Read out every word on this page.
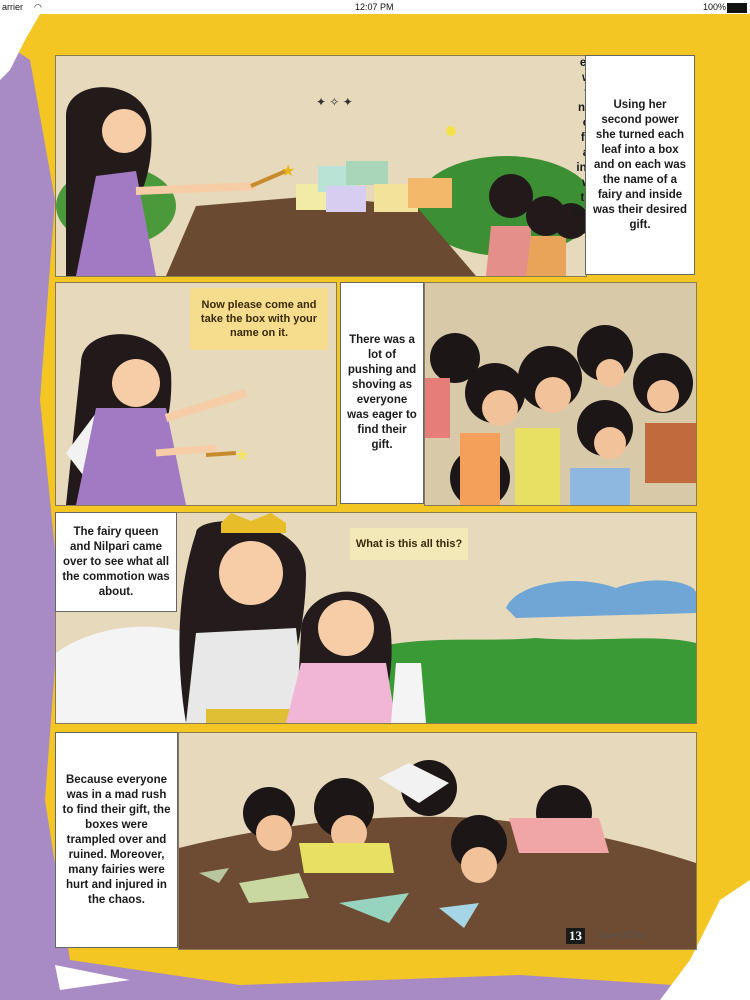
arrier ◠	12:07 PM	100%
★
✦ ✧ ✦	Using her second power she turned each leaf into a box and on each was the name of a fairy and inside was their desired gift.
★
Now please come and take the box with your name on it.
There was a lot of pushing and shoving as everyone was eager to find their gift.
The fairy queen and Nilpari came over to see what all the commotion was about.
What is this all this?
Because everyone was in a mad rush to find their gift, the boxes were trampled over and ruined. Moreover, many fairies were hurt and injured in the chaos.
13 June 2016
